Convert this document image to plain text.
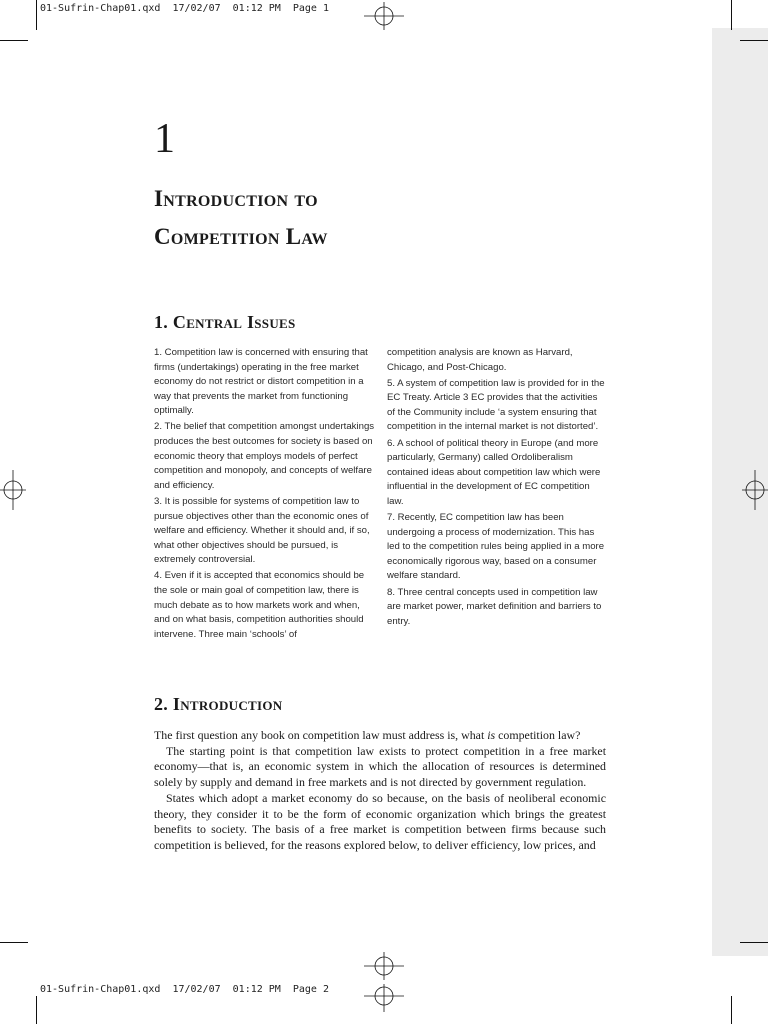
01-Sufrin-Chap01.qxd  17/02/07  01:12 PM  Page 1
01-Sufrin-Chap01.qxd  17/02/07  01:12 PM  Page 2
1
Introduction to
Competition Law
1. Central Issues

1. Competition law is concerned with ensuring that firms (undertakings) operating in the free market economy do not restrict or distort competition in a way that prevents the market from functioning optimally.

2. The belief that competition amongst undertakings produces the best outcomes for society is based on economic theory that employs models of perfect competition and monopoly, and concepts of welfare and efficiency.

3. It is possible for systems of competition law to pursue objectives other than the economic ones of welfare and efficiency. Whether it should and, if so, what other objectives should be pursued, is extremely controversial.

4. Even if it is accepted that economics should be the sole or main goal of competition law, there is much debate as to how markets work and when, and on what basis, competition authorities should intervene. Three main ‘schools’ of

competition analysis are known as Harvard, Chicago, and Post-Chicago.

5. A system of competition law is provided for in the EC Treaty. Article 3 EC provides that the activities of the Community include ‘a system ensuring that competition in the internal market is not distorted’.

6. A school of political theory in Europe (and more particularly, Germany) called Ordoliberalism contained ideas about competition law which were influential in the development of EC competition law.

7. Recently, EC competition law has been undergoing a process of modernization. This has led to the competition rules being applied in a more economically rigorous way, based on a consumer welfare standard.

8. Three central concepts used in competition law are market power, market definition and barriers to entry.

2. Introduction

The first question any book on competition law must address is, what is competition law?

The starting point is that competition law exists to protect competition in a free market economy—that is, an economic system in which the allocation of resources is determined solely by supply and demand in free markets and is not directed by government regulation.

States which adopt a market economy do so because, on the basis of neoliberal economic theory, they consider it to be the form of economic organization which brings the greatest benefits to society. The basis of a free market is competition between firms because such competition is believed, for the reasons explored below, to deliver efficiency, low prices, and
